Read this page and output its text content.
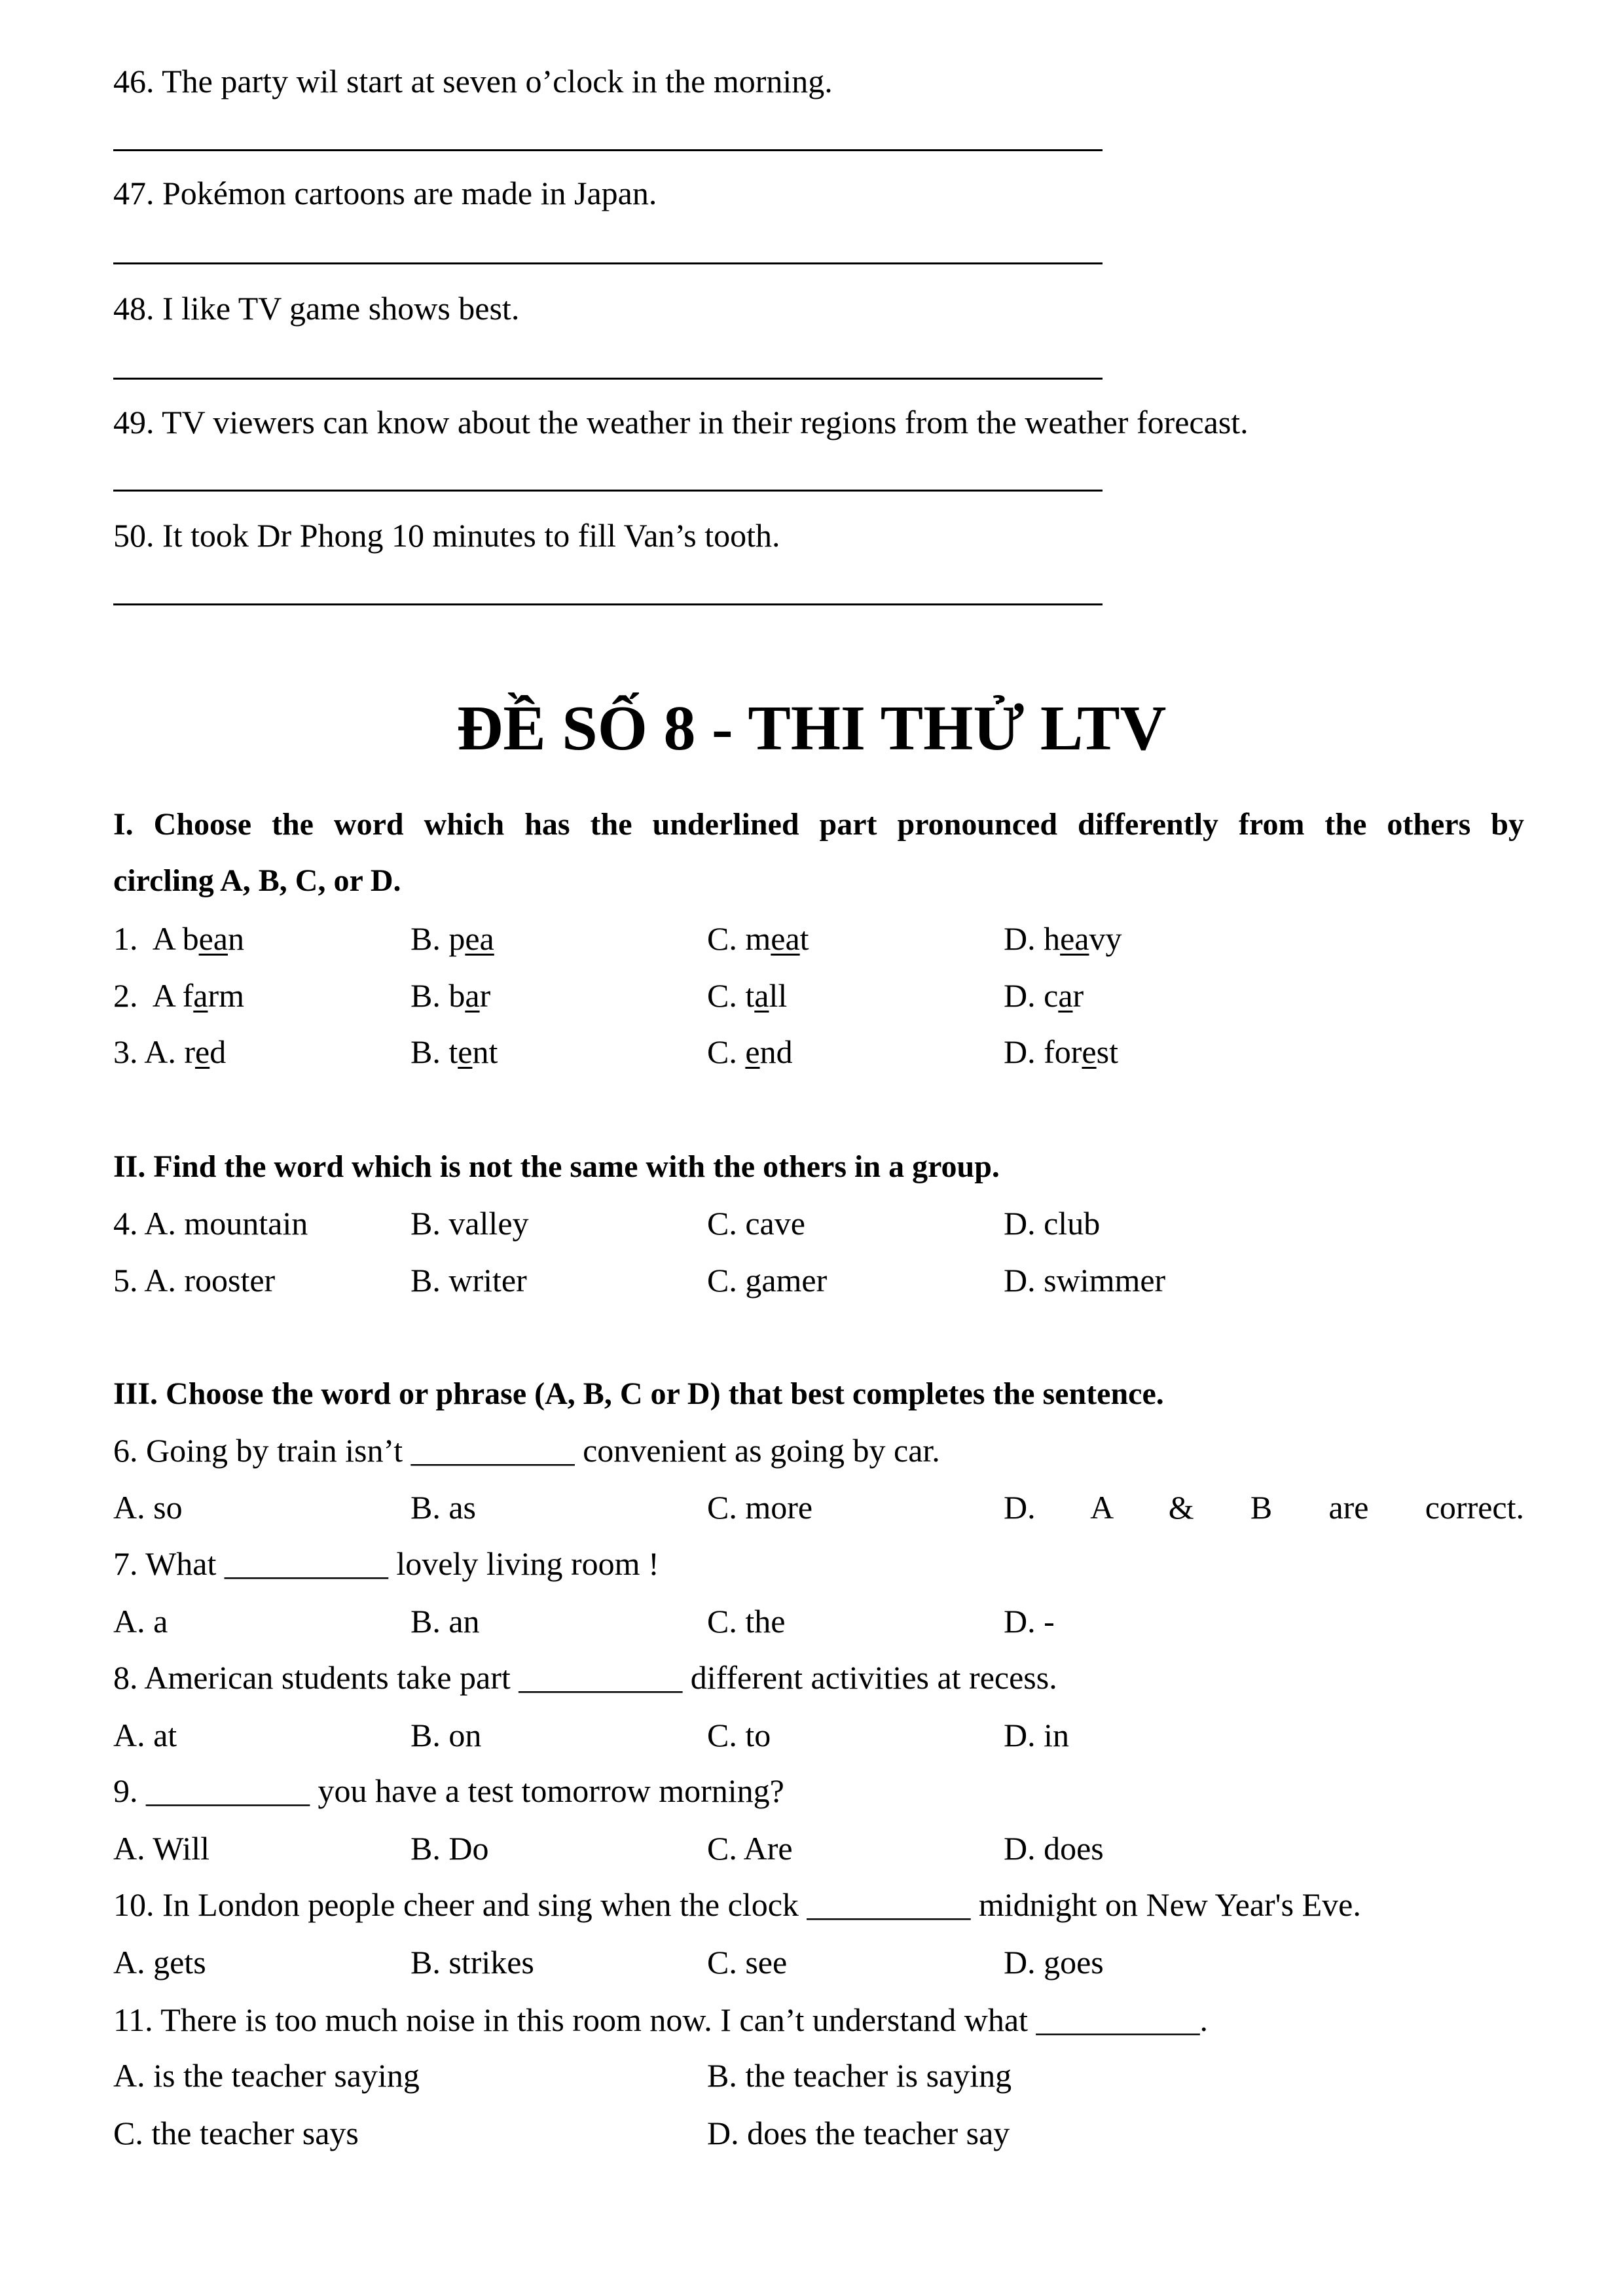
ĐỀ SỐ 8 - THI THỬ LTV
I. Choose the word which has the underlined part pronounced differently from the others by
circling A, B, C, or D.
II. Find the word which is not the same with the others in a group.
III. Choose the word or phrase (A, B, C or D) that best completes the sentence.
46. The party wil start at seven o’clock in the morning.
47. Pokémon cartoons are made in Japan.
48. I like TV game shows best.
49. TV viewers can know about the weather in their regions from the weather forecast.
50. It took Dr Phong 10 minutes to fill Van’s tooth.
1.  A bean	B. pea	C. meat	D. heavy
2.  A farm	B. bar	C. tall	D. car
3. A. red	B. tent	C. end	D. forest
4. A. mountain	B. valley	C. cave	D. club
5. A. rooster	B. writer	C. gamer	D. swimmer
6. Going by train isn’t __________ convenient as going by car.
A. so	B. as	C. more	D. A & B are correct.
7. What __________ lovely living room !
A. a	B. an	C. the	D. -
8. American students take part __________ different activities at recess.
A. at	B. on	C. to	D. in
9. __________ you have a test tomorrow morning?
A. Will	B. Do	C. Are	D. does
10. In London people cheer and sing when the clock __________ midnight on New Year's Eve.
A. gets	B. strikes	C. see	D. goes
11. There is too much noise in this room now. I can’t understand what __________.
A. is the teacher saying	B. the teacher is saying
C. the teacher says	D. does the teacher say
